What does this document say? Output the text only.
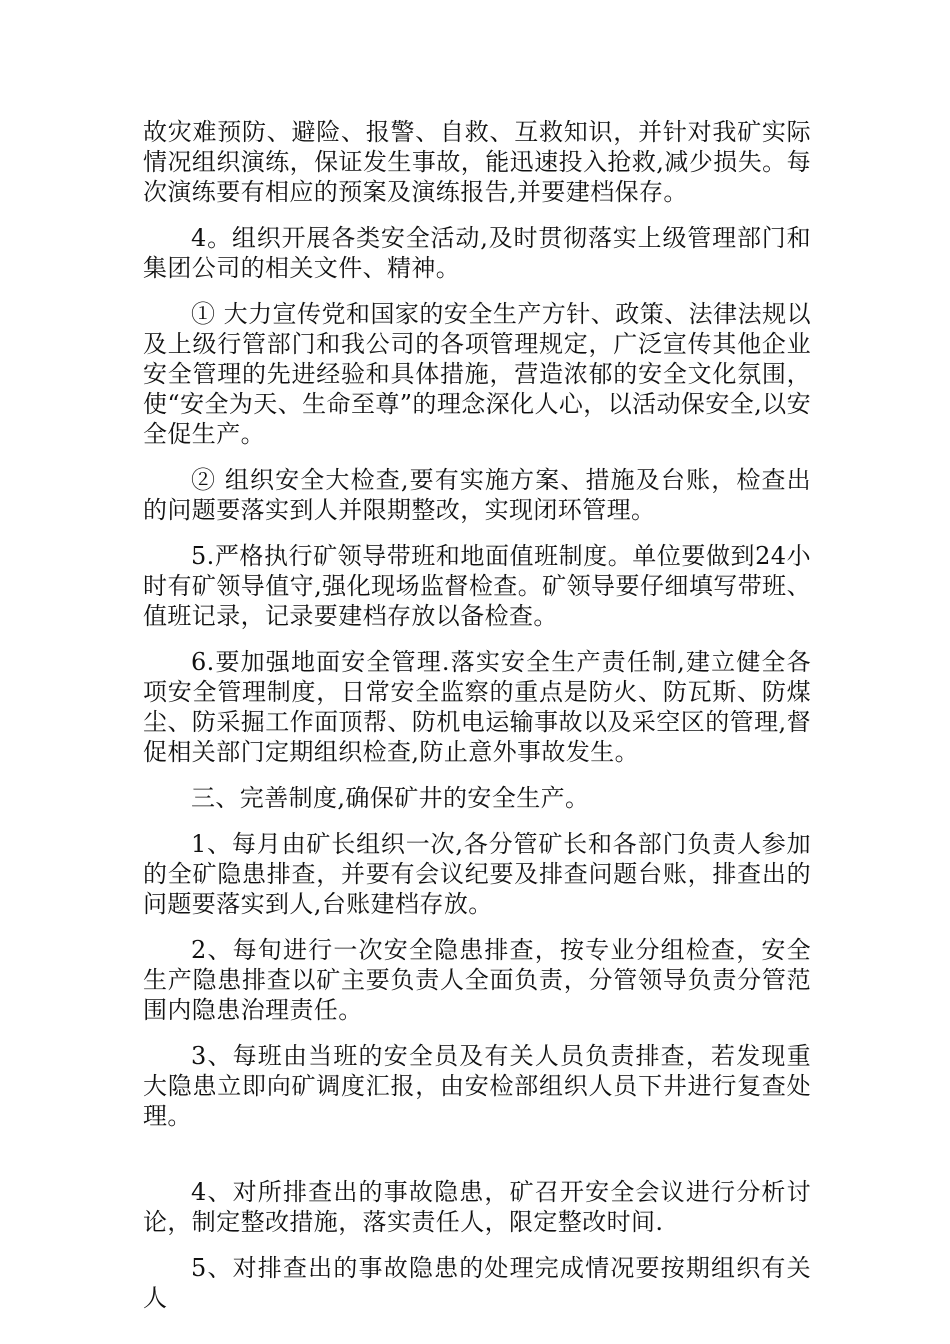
故灾难预防、避险、报警、自救、互救知识，并针对我矿实际情况组织演练，保证发生事故，能迅速投入抢救,减少损失。每次演练要有相应的预案及演练报告,并要建档保存。

4。组织开展各类安全活动,及时贯彻落实上级管理部门和集团公司的相关文件、精神。

① 大力宣传党和国家的安全生产方针、政策、法律法规以及上级行管部门和我公司的各项管理规定，广泛宣传其他企业安全管理的先进经验和具体措施，营造浓郁的安全文化氛围，使“安全为天、生命至尊”的理念深化人心，以活动保安全,以安全促生产。

② 组织安全大检查,要有实施方案、措施及台账，检查出的问题要落实到人并限期整改，实现闭环管理。

5.严格执行矿领导带班和地面值班制度。单位要做到24小时有矿领导值守,强化现场监督检查。矿领导要仔细填写带班、值班记录，记录要建档存放以备检查。

6.要加强地面安全管理.落实安全生产责任制,建立健全各项安全管理制度，日常安全监察的重点是防火、防瓦斯、防煤尘、防采掘工作面顶帮、防机电运输事故以及采空区的管理,督促相关部门定期组织检查,防止意外事故发生。

三、完善制度,确保矿井的安全生产。

1、每月由矿长组织一次,各分管矿长和各部门负责人参加的全矿隐患排查，并要有会议纪要及排查问题台账，排查出的问题要落实到人,台账建档存放。

2、每旬进行一次安全隐患排查，按专业分组检查，安全生产隐患排查以矿主要负责人全面负责，分管领导负责分管范围内隐患治理责任。

3、每班由当班的安全员及有关人员负责排查，若发现重大隐患立即向矿调度汇报，由安检部组织人员下井进行复查处理。

4、对所排查出的事故隐患，矿召开安全会议进行分析讨论，制定整改措施，落实责任人，限定整改时间.

5、对排查出的事故隐患的处理完成情况要按期组织有关人
